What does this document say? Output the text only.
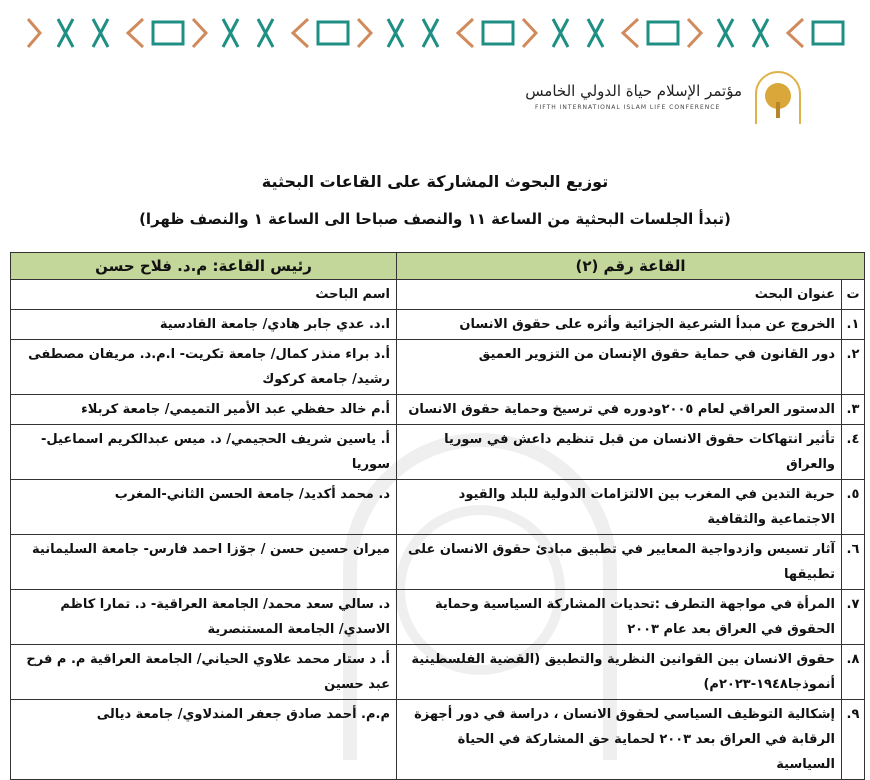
مؤتمر الإسلام حياة الدولي الخامس
FIFTH INTERNATIONAL ISLAM LIFE CONFERENCE
توزيع البحوث المشاركة على القاعات البحثية
(تبدأ الجلسات البحثية من الساعة ١١ والنصف صباحا الى الساعة ١ والنصف ظهرا)
القاعة رقم (٢)		رئيس القاعة: م.د. فلاح حسن
ت	عنوان البحث	اسم الباحث
١.	الخروج عن مبدأ الشرعية الجزائية وأثره على حقوق الانسان	ا.د. عدي جابر هادي/ جامعة القادسية
٢.	دور القانون في حماية حقوق الإنسان من التزوير العميق	أ.د براء منذر كمال/ جامعة تكريت- ا.م.د. مريفان مصطفى رشيد/ جامعة كركوك
٣.	الدستور العراقي لعام ٢٠٠٥ودوره في ترسيخ وحماية حقوق الانسان	أ.م خالد حفظي عبد الأمير التميمي/ جامعة كربلاء
٤.	تأثير انتهاكات حقوق الانسان من قبل تنظيم داعش في سوريا والعراق	أ. ياسين شريف الحجيمي/ د. ميس عبدالكريم اسماعيل- سوريا
٥.	حرية التدين في المغرب بين الالتزامات الدولية للبلد والقيود الاجتماعية والثقافية	د. محمد أكديد/ جامعة الحسن الثاني-المغرب
٦.	آثار تسيس وازدواجية المعايير في تطبيق مبادئ حقوق الانسان على تطبيقها	ميران حسين حسن / جۆزا احمد فارس- جامعة السليمانية
٧.	المرأة في مواجهة التطرف :تحديات المشاركة السياسية وحماية الحقوق في العراق بعد عام ٢٠٠٣	د. سالي سعد محمد/ الجامعة العراقية- د. تمارا كاظم الاسدي/ الجامعة المستنصرية
٨.	حقوق الانسان بين القوانين النظرية والتطبيق (القضية الفلسطينية أنموذجا١٩٤٨-٢٠٢٣م)	أ. د ستار محمد علاوي الحياني/ الجامعة العراقية م. م فرح عبد حسين
٩.	إشكالية التوظيف السياسي لحقوق الانسان ، دراسة في دور أجهزة الرقابة في العراق بعد ٢٠٠٣ لحماية حق المشاركة في الحياة السياسية	م.م. أحمد صادق جعفر المندلاوي/ جامعة ديالى
